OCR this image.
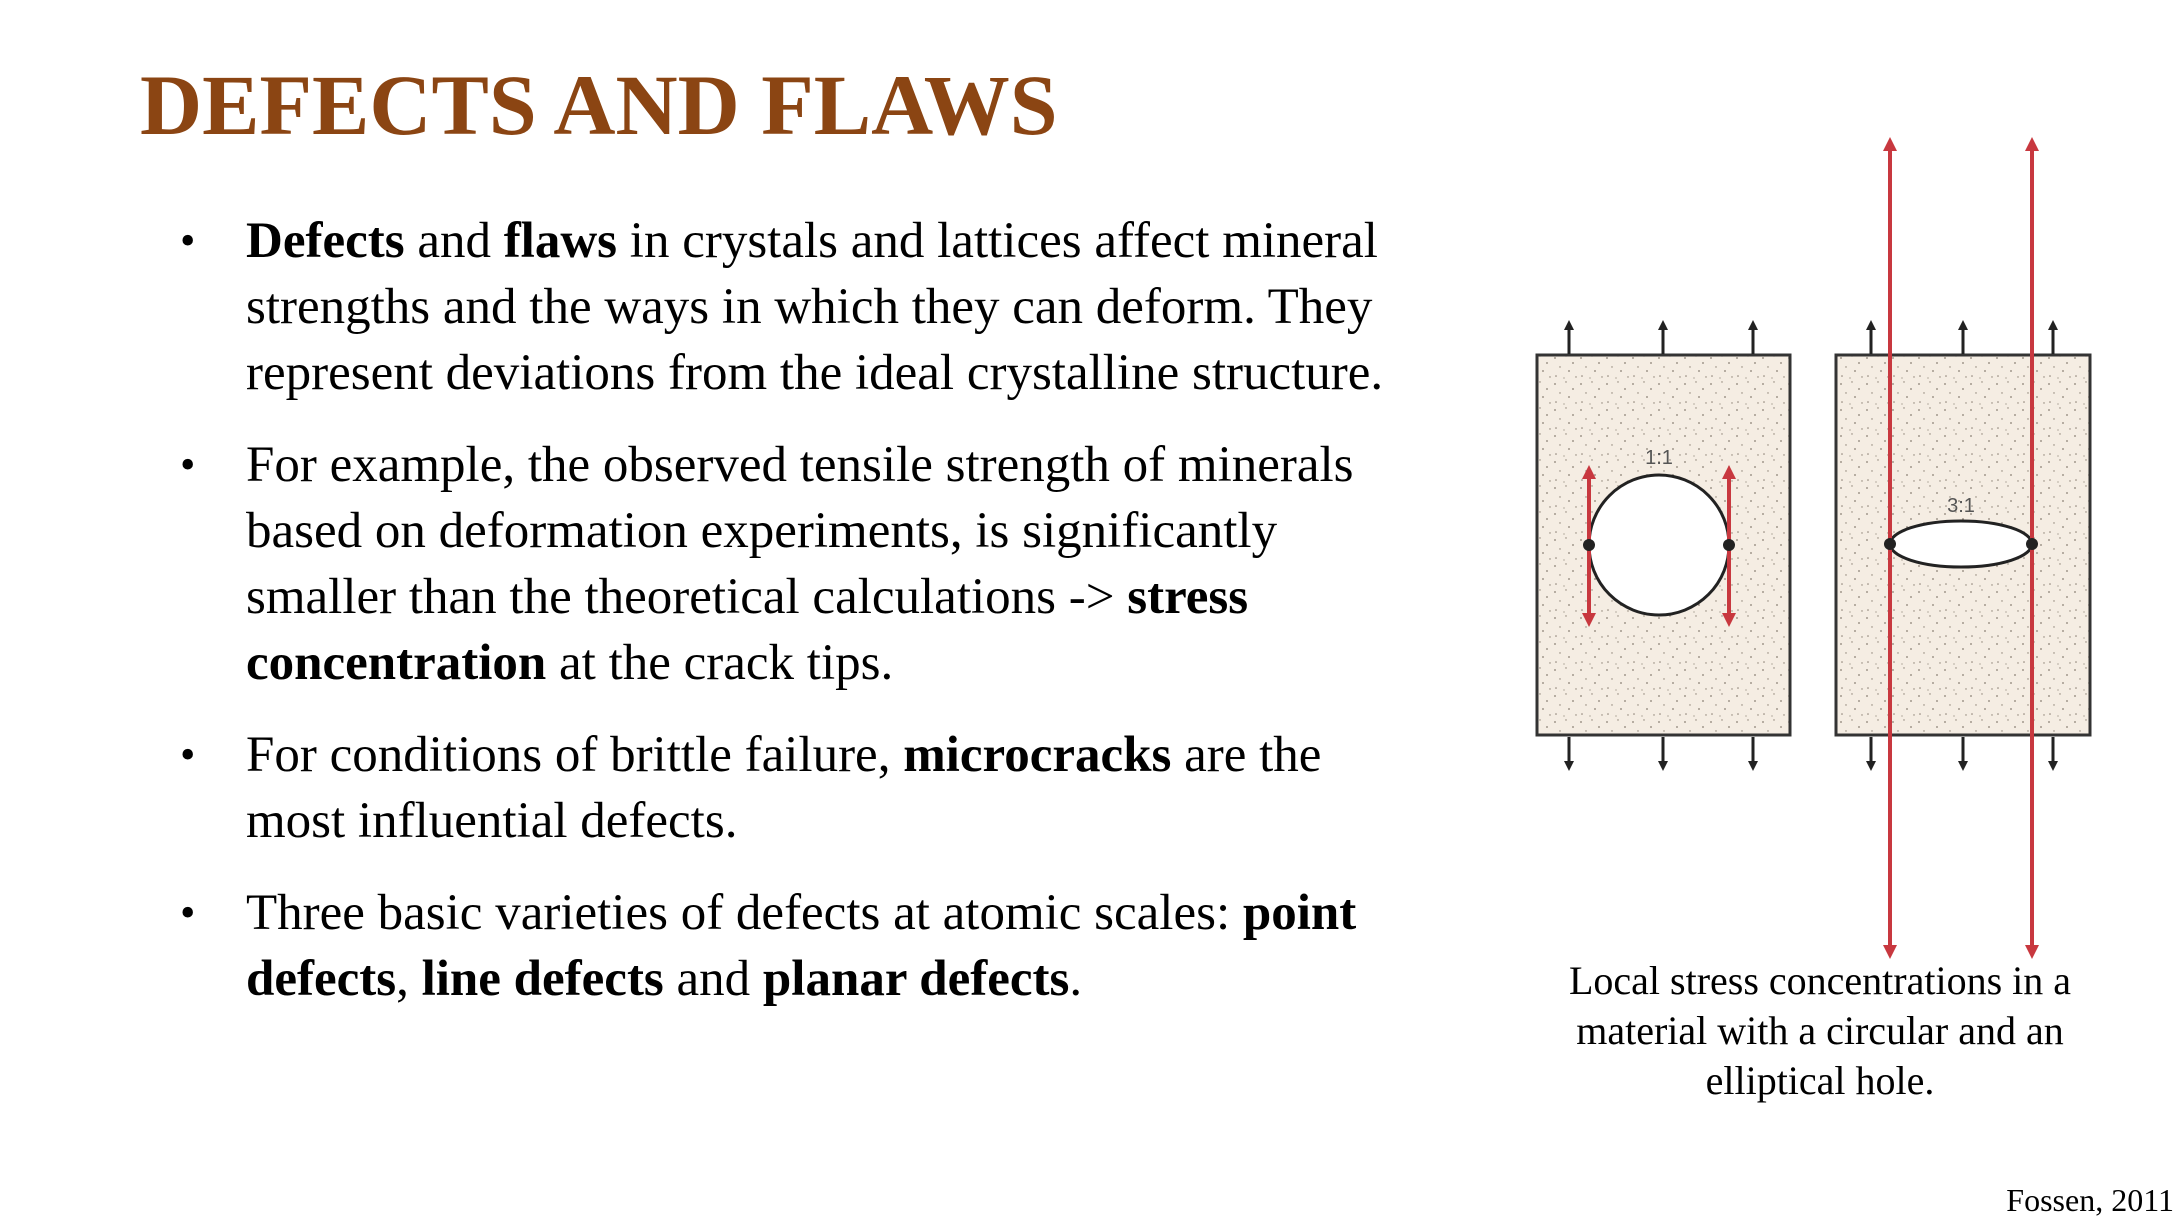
DEFECTS AND FLAWS
• Defects and flaws in crystals and lattices affect mineral strengths and the ways in which they can deform. They represent deviations from the ideal crystalline structure.
• For example, the observed tensile strength of minerals based on deformation experiments, is significantly smaller than the theoretical calculations -> stress concentration at the crack tips.
• For conditions of brittle failure, microcracks are the most influential defects.
• Three basic varieties of defects at atomic scales: point defects, line defects and planar defects.
1:1
3:1

Local stress concentrations in a material with a circular and an elliptical hole.

Fossen, 2011
